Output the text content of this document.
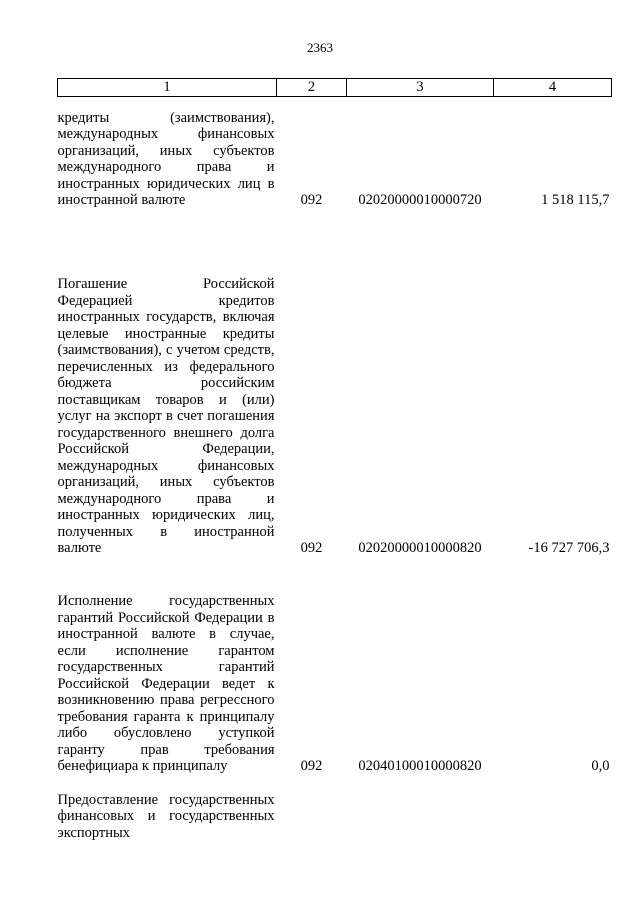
2363
1	2	3	4
кредиты (заимствования), международных финансовых организаций, иных субъектов международного права и иностранных юридических лиц в иностранной валюте	092	02020000010000720	1 518 115,7
Погашение Российской Федерацией кредитов иностранных государств, включая целевые иностранные кредиты (заимствования), с учетом средств, перечисленных из федерального бюджета российским поставщикам товаров и (или) услуг на экспорт в счет погашения государственного внешнего долга Российской Федерации, международных финансовых организаций, иных субъектов международного права и иностранных юридических лиц, полученных в иностранной валюте	092	02020000010000820	-16 727 706,3
Исполнение государственных гарантий Российской Федерации в иностранной валюте в случае, если исполнение гарантом государственных гарантий Российской Федерации ведет к возникновению права регрессного требования гаранта к принципалу либо обусловлено уступкой гаранту прав требования бенефициара к принципалу	092	02040100010000820	0,0
Предоставление государственных финансовых и государственных экспортных			
